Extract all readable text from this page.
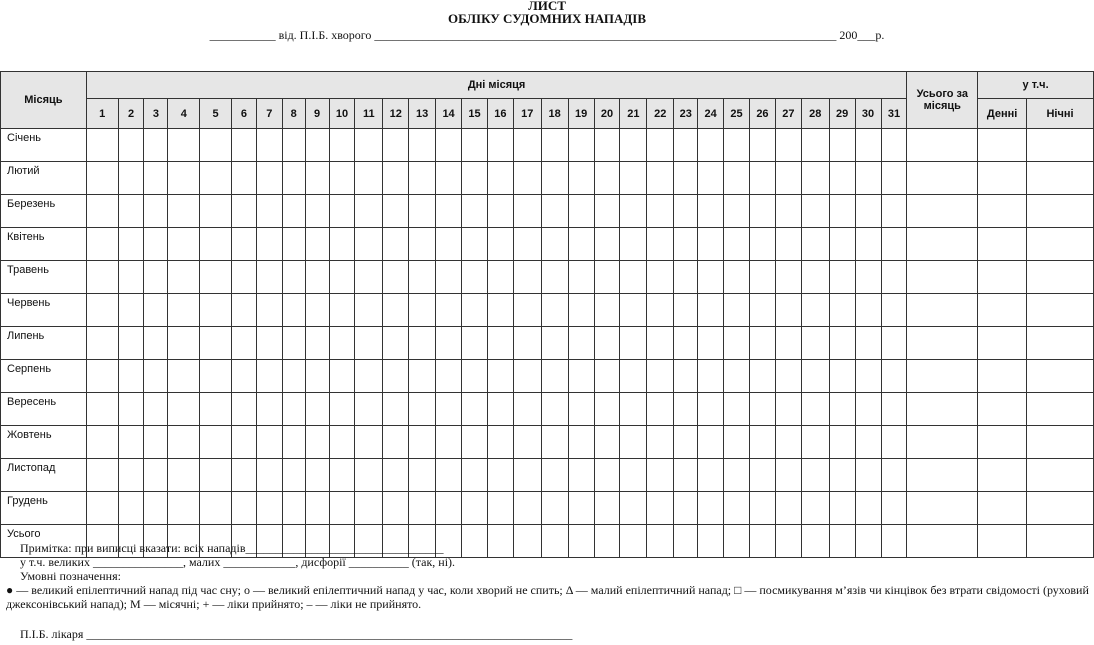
ЛИСТ
ОБЛІКУ СУДОМНИХ НАПАДІВ
___________ від. П.І.Б. хворого _____________________________________________________________________________ 200___р.
Місяць	Дні місяця																															Усього за місяць	у т.ч.	
	1	2	3	4	5	6	7	8	9	10	11	12	13	14	15	16	17	18	19	20	21	22	23	24	25	26	27	28	29	30	31		Денні	Нічні
Січень																																		
Лютий																																		
Березень																																		
Квітень																																		
Травень																																		
Червень																																		
Липень																																		
Серпень																																		
Вересень																																		
Жовтень																																		
Листопад																																		
Грудень																																		
Усього																																		
Примітка: при виписці вказати: всіх нападів_________________________________
у т.ч. великих _______________, малих ____________, дисфорії __________ (так, ні).
Умовні позначення:
● — великий епілептичний напад під час сну; о — великий епілептичний напад у час, коли хворий не спить; Δ — малий епілептичний напад; □ — посмикування м’язів чи кінцівок без втрати свідомості (руховий джексонівський напад); М — місячні; + — ліки прийнято; – — ліки не прийнято.
П.І.Б. лікаря _________________________________________________________________________________
